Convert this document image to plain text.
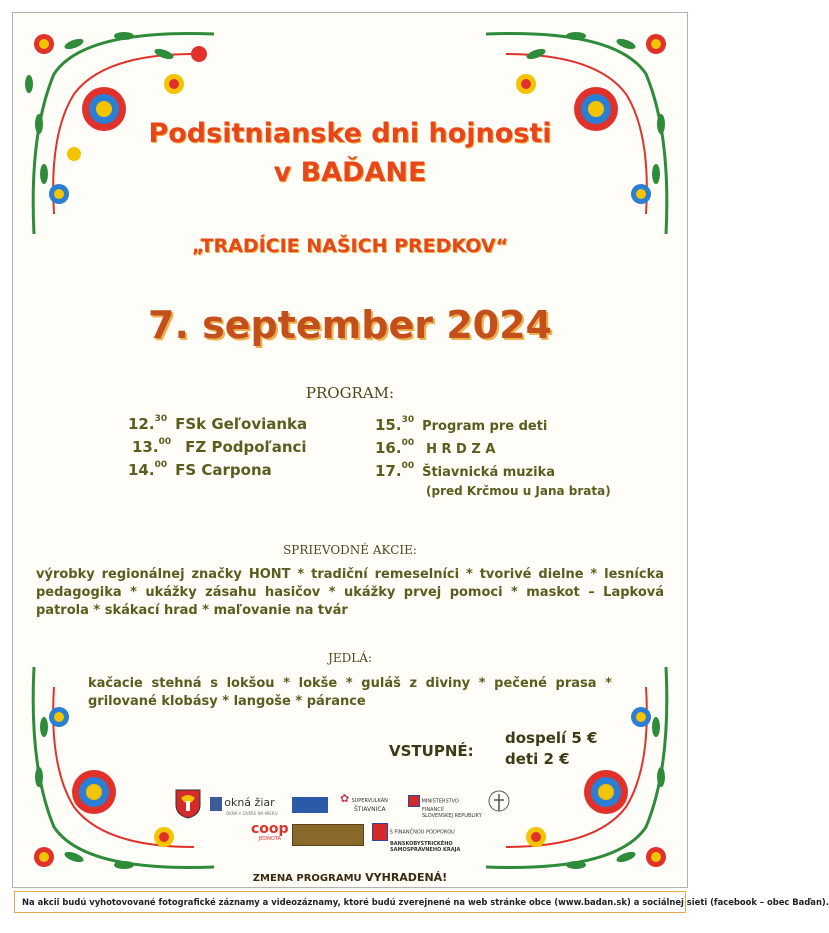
Podsitnianske dni hojnosti
v BAĎANE
„TRADÍCIE NAŠICH PREDKOV“
7. september 2024
PROGRAM:
12.30 FSk Geľovianka
13.00 FZ Podpoľanci
14.00 FS Carpona
15.30 Program pre deti
16.00 H R D Z A
17.00 Štiavnická muzika
(pred Krčmou u Jana brata)
SPRIEVODNÉ AKCIE:
výrobky regionálnej značky HONT * tradiční remeselníci * tvorivé dielne * lesnícka pedagogika * ukážky zásahu hasičov * ukážky prvej pomoci * maskot – Lapková patrola * skákací hrad * maľovanie na tvár
JEDLÁ:
kačacie stehná s lokšou * lokše * guláš z diviny * pečené prasa * grilované klobásy * langoše * párance
VSTUPNÉ:
dospelí 5 €
deti 2 €
okná žiar
OKNÁ A DVERE NA MIERU
✿ SUPERVULKÁN
ŠTIAVNICA
MINISTERSTVO
FINANCIÍ
SLOVENSKEJ REPUBLIKY
coop
JEDNOTA
S FINANČNOU PODPOROU
BANSKOBYSTRICKÉHO
SAMOSPRÁVNEHO KRAJA
ZMENA PROGRAMU VYHRADENÁ!
Na akcii budú vyhotovované fotografické záznamy a videozáznamy, ktoré budú zverejnené na web stránke obce (www.badan.sk) a sociálnej sieti (facebook – obec Baďan).
